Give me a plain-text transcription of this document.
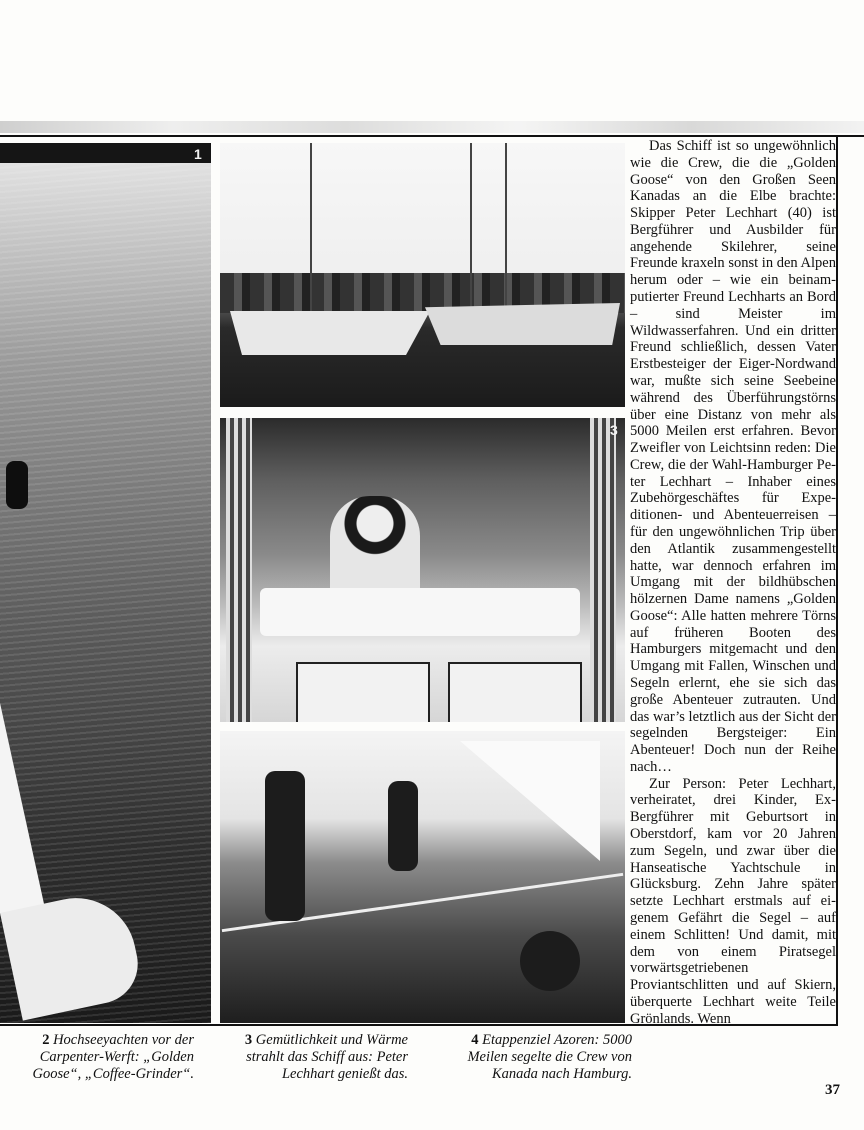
1
3
2 Hochseeyachten vor der Carpenter-Werft: „Golden Goose“, „Coffee-Grinder“.
3 Gemütlichkeit und Wärme strahlt das Schiff aus: Peter Lechhart genießt das.
4 Etappenziel Azoren: 5000 Meilen segelte die Crew von Kanada nach Hamburg.

Das Schiff ist so ungewöhnlich wie die Crew, die die „Golden Goose“ von den Großen Seen Kanadas an die Elbe brachte: Skipper Peter Lechhart (40) ist Bergführer und Ausbilder für angehende Skilehrer, seine Freunde kraxeln sonst in den Alpen herum oder – wie ein beinamputierter Freund Lechharts an Bord – sind Meister im Wildwasserfahren. Und ein dritter Freund schließlich, dessen Vater Erstbesteiger der Eiger-Nordwand war, mußte sich seine Seebeine während des Überführungstörns über eine Distanz von mehr als 5000 Meilen erst erfahren. Bevor Zweifler von Leichtsinn reden: Die Crew, die der Wahl-Hamburger Peter Lechhart – Inhaber eines Zubehörgeschäftes für Expeditionen- und Abenteuerreisen – für den ungewöhnlichen Trip über den Atlantik zusammengestellt hatte, war dennoch erfahren im Umgang mit der bildhübschen hölzernen Dame namens „Golden Goose“: Alle hatten mehrere Törns auf früheren Booten des Hamburgers mitgemacht und den Umgang mit Fallen, Winschen und Segeln erlernt, ehe sie sich das große Abenteuer zutrauten. Und das war’s letztlich aus der Sicht der segelnden Bergsteiger: Ein Abenteuer! Doch nun der Reihe nach…

Zur Person: Peter Lechhart, verheiratet, drei Kinder, Ex-Bergführer mit Geburtsort in Oberstdorf, kam vor 20 Jahren zum Segeln, und zwar über die Hanseatische Yachtschule in Glücksburg. Zehn Jahre später setzte Lechhart erstmals auf eigenem Gefährt die Segel – auf einem Schlitten! Und damit, mit dem von einem Piratsegel vorwärtsgetriebenen Proviantschlitten und auf Skiern, überquerte Lechhart weite Teile Grönlands. Wenn

37
